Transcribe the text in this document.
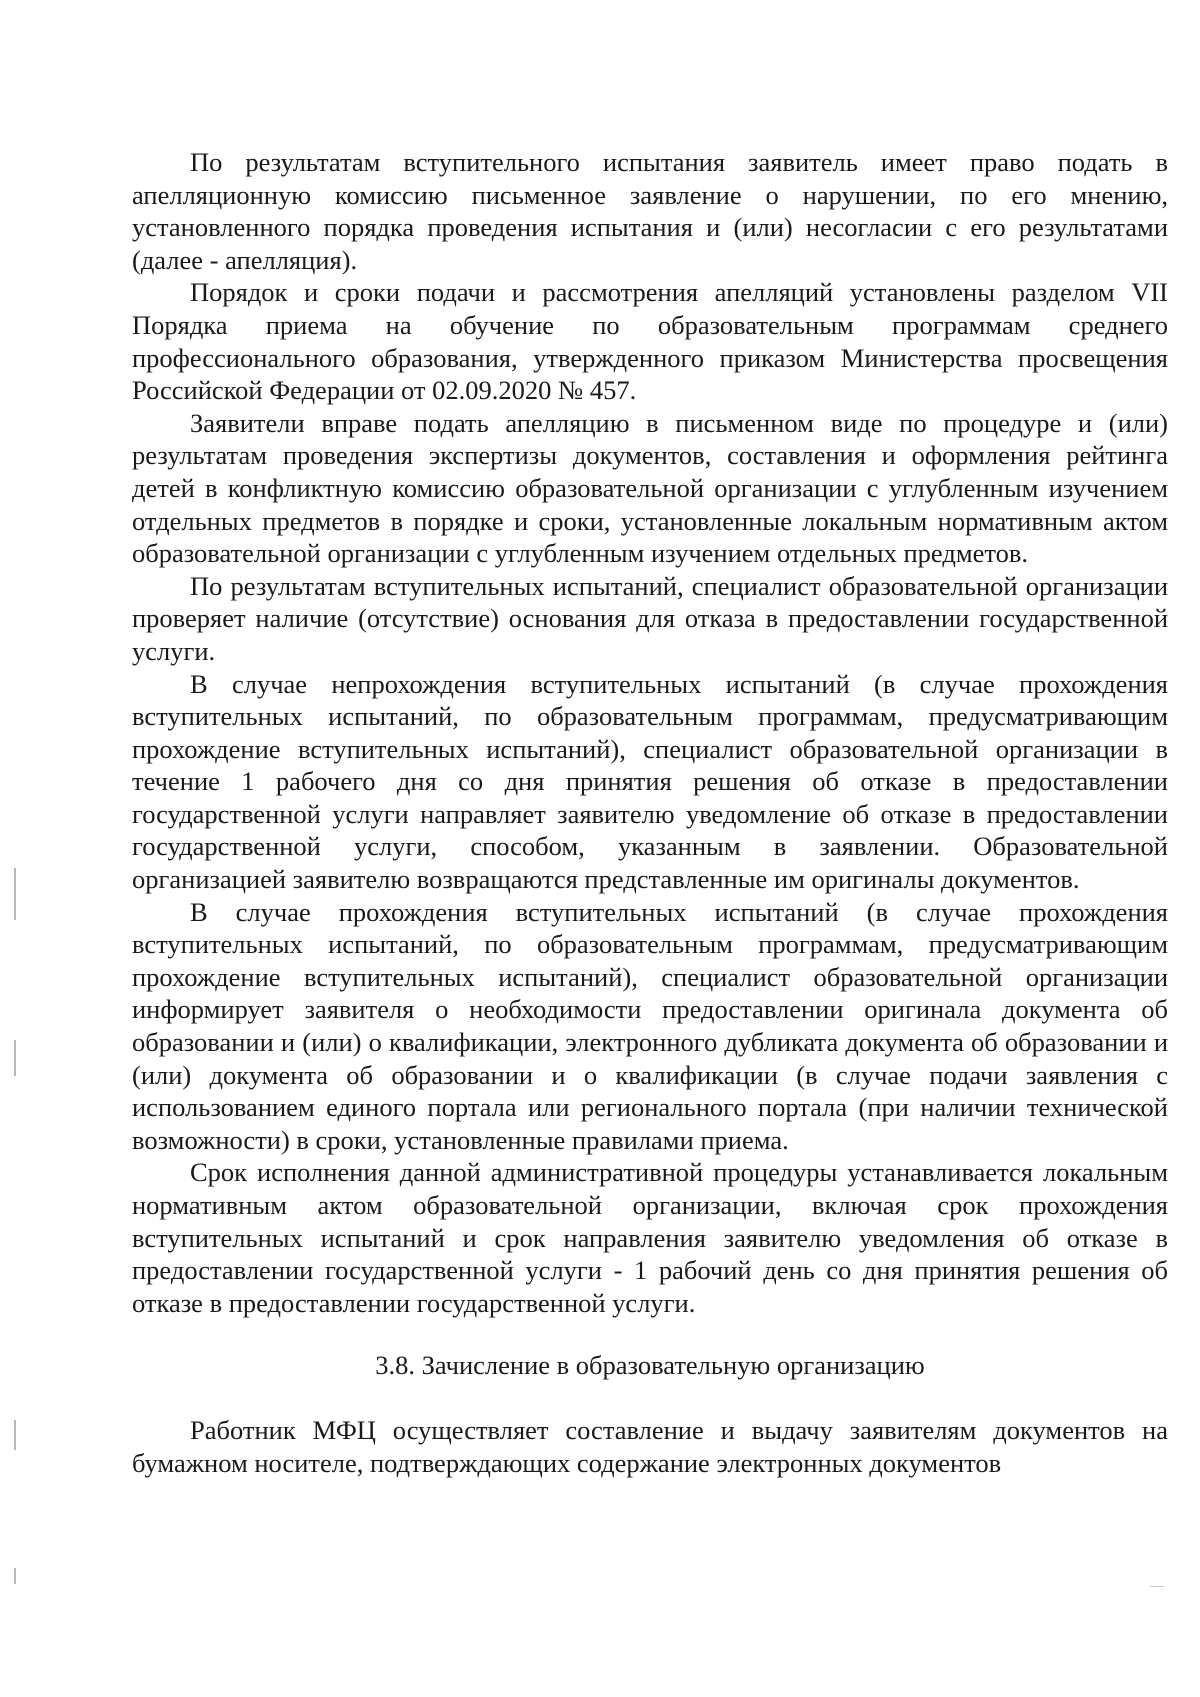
По результатам вступительного испытания заявитель имеет право подать в апелляционную комиссию письменное заявление о нарушении, по его мнению, установленного порядка проведения испытания и (или) несогласии с его результатами (далее - апелляция).

Порядок и сроки подачи и рассмотрения апелляций установлены разделом VII Порядка приема на обучение по образовательным программам среднего профессионального образования, утвержденного приказом Министерства просвещения Российской Федерации от 02.09.2020 № 457.

Заявители вправе подать апелляцию в письменном виде по процедуре и (или) результатам проведения экспертизы документов, составления и оформления рейтинга детей в конфликтную комиссию образовательной организации с углубленным изучением отдельных предметов в порядке и сроки, установленные локальным нормативным актом образовательной организации с углубленным изучением отдельных предметов.

По результатам вступительных испытаний, специалист образовательной организации проверяет наличие (отсутствие) основания для отказа в предоставлении государственной услуги.

В случае непрохождения вступительных испытаний (в случае прохождения вступительных испытаний, по образовательным программам, предусматривающим прохождение вступительных испытаний), специалист образовательной организации в течение 1 рабочего дня со дня принятия решения об отказе в предоставлении государственной услуги направляет заявителю уведомление об отказе в предоставлении государственной услуги, способом, указанным в заявлении. Образовательной организацией заявителю возвращаются представленные им оригиналы документов.

В случае прохождения вступительных испытаний (в случае прохождения вступительных испытаний, по образовательным программам, предусматривающим прохождение вступительных испытаний), специалист образовательной организации информирует заявителя о необходимости предоставлении оригинала документа об образовании и (или) о квалификации, электронного дубликата документа об образовании и (или) документа об образовании и о квалификации (в случае подачи заявления с использованием единого портала или регионального портала (при наличии технической возможности) в сроки, установленные правилами приема.

Срок исполнения данной административной процедуры устанавливается локальным нормативным актом образовательной организации, включая срок прохождения вступительных испытаний и срок направления заявителю уведомления об отказе в предоставлении государственной услуги - 1 рабочий день со дня принятия решения об отказе в предоставлении государственной услуги.

3.8. Зачисление в образовательную организацию

Работник МФЦ осуществляет составление и выдачу заявителям документов на бумажном носителе, подтверждающих содержание электронных документов
